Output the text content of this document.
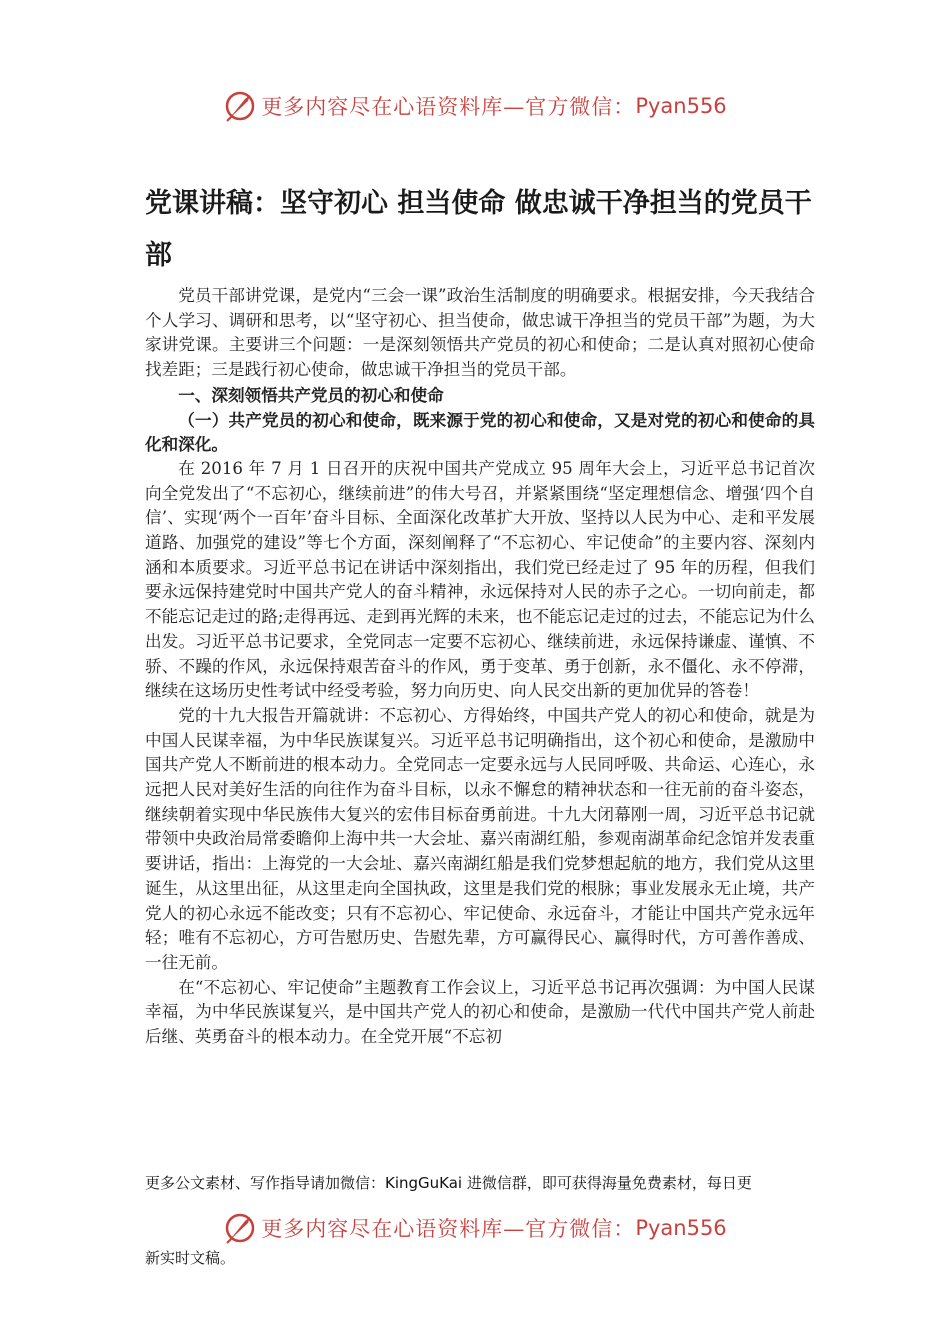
更多内容尽在心语资料库—官方微信： Pyan556
党课讲稿：坚守初心 担当使命 做忠诚干净担当的党员干部

党员干部讲党课，是党内“三会一课”政治生活制度的明确要求。根据安排，今天我结合个人学习、调研和思考，以“坚守初心、担当使命，做忠诚干净担当的党员干部”为题，为大家讲党课。主要讲三个问题：一是深刻领悟共产党员的初心和使命；二是认真对照初心使命找差距；三是践行初心使命，做忠诚干净担当的党员干部。

一、深刻领悟共产党员的初心和使命

（一）共产党员的初心和使命，既来源于党的初心和使命，又是对党的初心和使命的具化和深化。

在 2016 年 7 月 1 日召开的庆祝中国共产党成立 95 周年大会上，习近平总书记首次向全党发出了“不忘初心，继续前进”的伟大号召，并紧紧围绕“坚定理想信念、增强‘四个自信’、实现‘两个一百年’奋斗目标、全面深化改革扩大开放、坚持以人民为中心、走和平发展道路、加强党的建设”等七个方面，深刻阐释了“不忘初心、牢记使命”的主要内容、深刻内涵和本质要求。习近平总书记在讲话中深刻指出，我们党已经走过了 95 年的历程，但我们要永远保持建党时中国共产党人的奋斗精神，永远保持对人民的赤子之心。一切向前走，都不能忘记走过的路;走得再远、走到再光辉的未来，也不能忘记走过的过去，不能忘记为什么出发。习近平总书记要求，全党同志一定要不忘初心、继续前进，永远保持谦虚、谨慎、不骄、不躁的作风，永远保持艰苦奋斗的作风，勇于变革、勇于创新，永不僵化、永不停滞，继续在这场历史性考试中经受考验，努力向历史、向人民交出新的更加优异的答卷！

党的十九大报告开篇就讲：不忘初心、方得始终，中国共产党人的初心和使命，就是为中国人民谋幸福，为中华民族谋复兴。习近平总书记明确指出，这个初心和使命，是激励中国共产党人不断前进的根本动力。全党同志一定要永远与人民同呼吸、共命运、心连心，永远把人民对美好生活的向往作为奋斗目标，以永不懈怠的精神状态和一往无前的奋斗姿态，继续朝着实现中华民族伟大复兴的宏伟目标奋勇前进。十九大闭幕刚一周，习近平总书记就带领中央政治局常委瞻仰上海中共一大会址、嘉兴南湖红船，参观南湖革命纪念馆并发表重要讲话，指出：上海党的一大会址、嘉兴南湖红船是我们党梦想起航的地方，我们党从这里诞生，从这里出征，从这里走向全国执政，这里是我们党的根脉；事业发展永无止境，共产党人的初心永远不能改变；只有不忘初心、牢记使命、永远奋斗，才能让中国共产党永远年轻；唯有不忘初心，方可告慰历史、告慰先辈，方可赢得民心、赢得时代，方可善作善成、一往无前。

在“不忘初心、牢记使命”主题教育工作会议上，习近平总书记再次强调：为中国人民谋幸福，为中华民族谋复兴，是中国共产党人的初心和使命，是激励一代代中国共产党人前赴后继、英勇奋斗的根本动力。在全党开展“不忘初

更多公文素材、写作指导请加微信：KingGuKai 进微信群，即可获得海量免费素材，每日更
更多内容尽在心语资料库—官方微信： Pyan556
新实时文稿。
